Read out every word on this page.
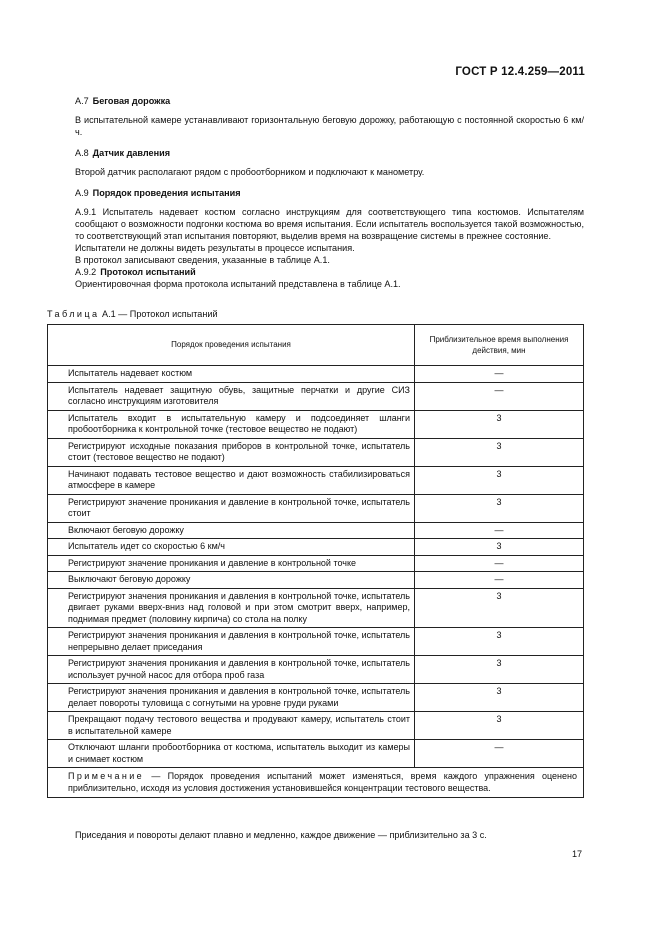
ГОСТ Р 12.4.259—2011

А.7 Беговая дорожка

В испытательной камере устанавливают горизонтальную беговую дорожку, работающую с постоянной скоростью 6 км/ч.

А.8 Датчик давления

Второй датчик располагают рядом с пробоотборником и подключают к манометру.

А.9 Порядок проведения испытания

А.9.1 Испытатель надевает костюм согласно инструкциям для соответствующего типа костюмов. Испытателям сообщают о возможности подгонки костюма во время испытания. Если испытатель воспользуется такой возможностью, то соответствующий этап испытания повторяют, выделив время на возвращение системы в прежнее состояние.

Испытатели не должны видеть результаты в процессе испытания.

В протокол записывают сведения, указанные в таблице А.1.

А.9.2 Протокол испытаний

Ориентировочная форма протокола испытаний представлена в таблице А.1.

Таблица А.1 — Протокол испытаний
Порядок проведения испытания	Приблизительное время выполнения действия, мин
Испытатель надевает костюм	—
Испытатель надевает защитную обувь, защитные перчатки и другие СИЗ согласно инструкциям изготовителя	—
Испытатель входит в испытательную камеру и подсоединяет шланги пробоотборника к контрольной точке (тестовое вещество не подают)	3
Регистрируют исходные показания приборов в контрольной точке, испытатель стоит (тестовое вещество не подают)	3
Начинают подавать тестовое вещество и дают возможность стабилизироваться атмосфере в камере	3
Регистрируют значение проникания и давление в контрольной точке, испытатель стоит	3
Включают беговую дорожку	—
Испытатель идет со скоростью 6 км/ч	3
Регистрируют значение проникания и давление в контрольной точке	—
Выключают беговую дорожку	—
Регистрируют значения проникания и давления в контрольной точке, испытатель двигает руками вверх-вниз над головой и при этом смотрит вверх, например, поднимая предмет (половину кирпича) со стола на полку	3
Регистрируют значения проникания и давления в контрольной точке, испытатель непрерывно делает приседания	3
Регистрируют значения проникания и давления в контрольной точке, испытатель использует ручной насос для отбора проб газа	3
Регистрируют значения проникания и давления в контрольной точке, испытатель делает повороты туловища с согнутыми на уровне груди руками	3
Прекращают подачу тестового вещества и продувают камеру, испытатель стоит в испытательной камере	3
Отключают шланги пробоотборника от костюма, испытатель выходит из камеры и снимает костюм	—
Примечание — Порядок проведения испытаний может изменяться, время каждого упражнения оценено приблизительно, исходя из условия достижения установившейся концентрации тестового вещества.	
Приседания и повороты делают плавно и медленно, каждое движение — приблизительно за 3 с.
17
